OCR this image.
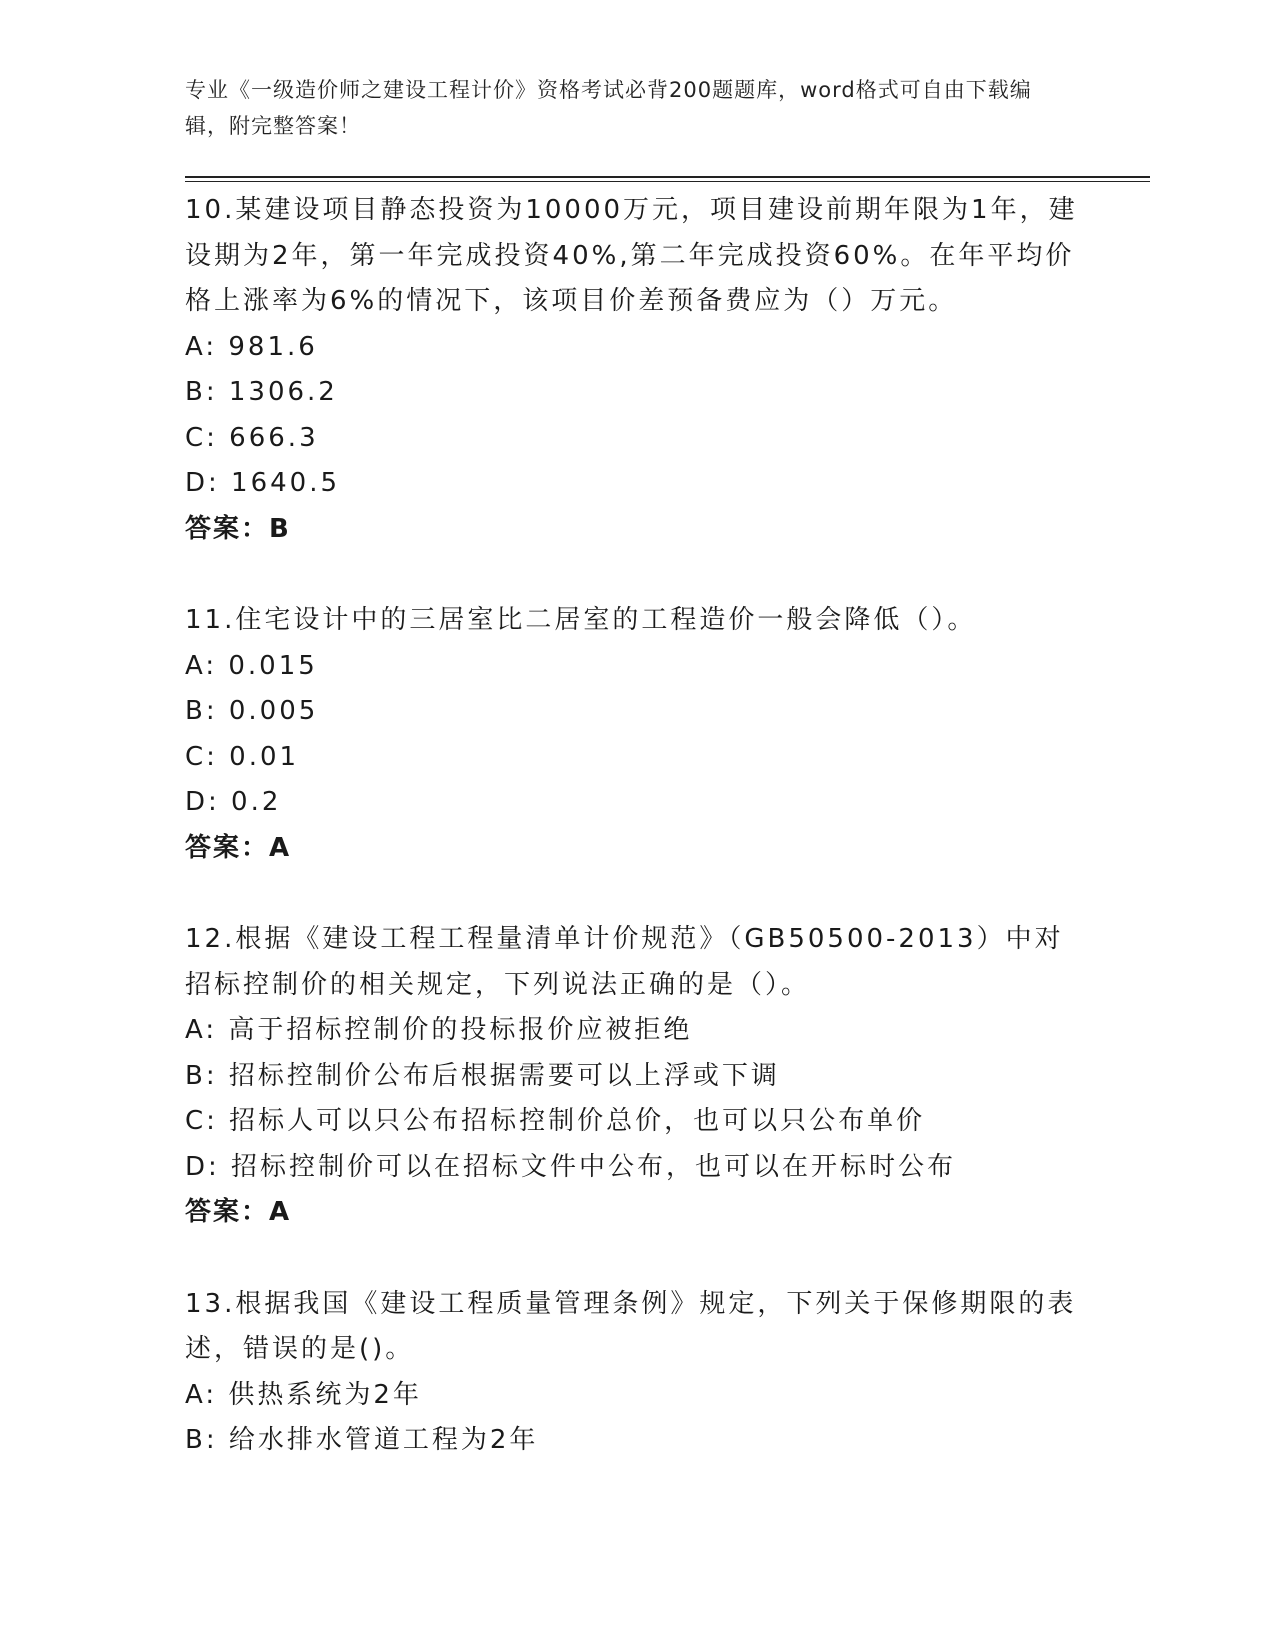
专业《一级造价师之建设工程计价》资格考试必背200题题库，word格式可自由下载编辑，附完整答案！

10.某建设项目静态投资为10000万元，项目建设前期年限为1年，建设期为2年，第一年完成投资40%,第二年完成投资60%。在年平均价格上涨率为6%的情况下，该项目价差预备费应为（）万元。

A: 981.6

B: 1306.2

C: 666.3

D: 1640.5

答案：B

11.住宅设计中的三居室比二居室的工程造价一般会降低（）。

A: 0.015

B: 0.005

C: 0.01

D: 0.2

答案：A

12.根据《建设工程工程量清单计价规范》（GB50500-2013）中对招标控制价的相关规定，下列说法正确的是（）。

A: 高于招标控制价的投标报价应被拒绝

B: 招标控制价公布后根据需要可以上浮或下调

C: 招标人可以只公布招标控制价总价，也可以只公布单价

D: 招标控制价可以在招标文件中公布，也可以在开标时公布

答案：A

13.根据我国《建设工程质量管理条例》规定，下列关于保修期限的表述，错误的是()。

A: 供热系统为2年

B: 给水排水管道工程为2年
